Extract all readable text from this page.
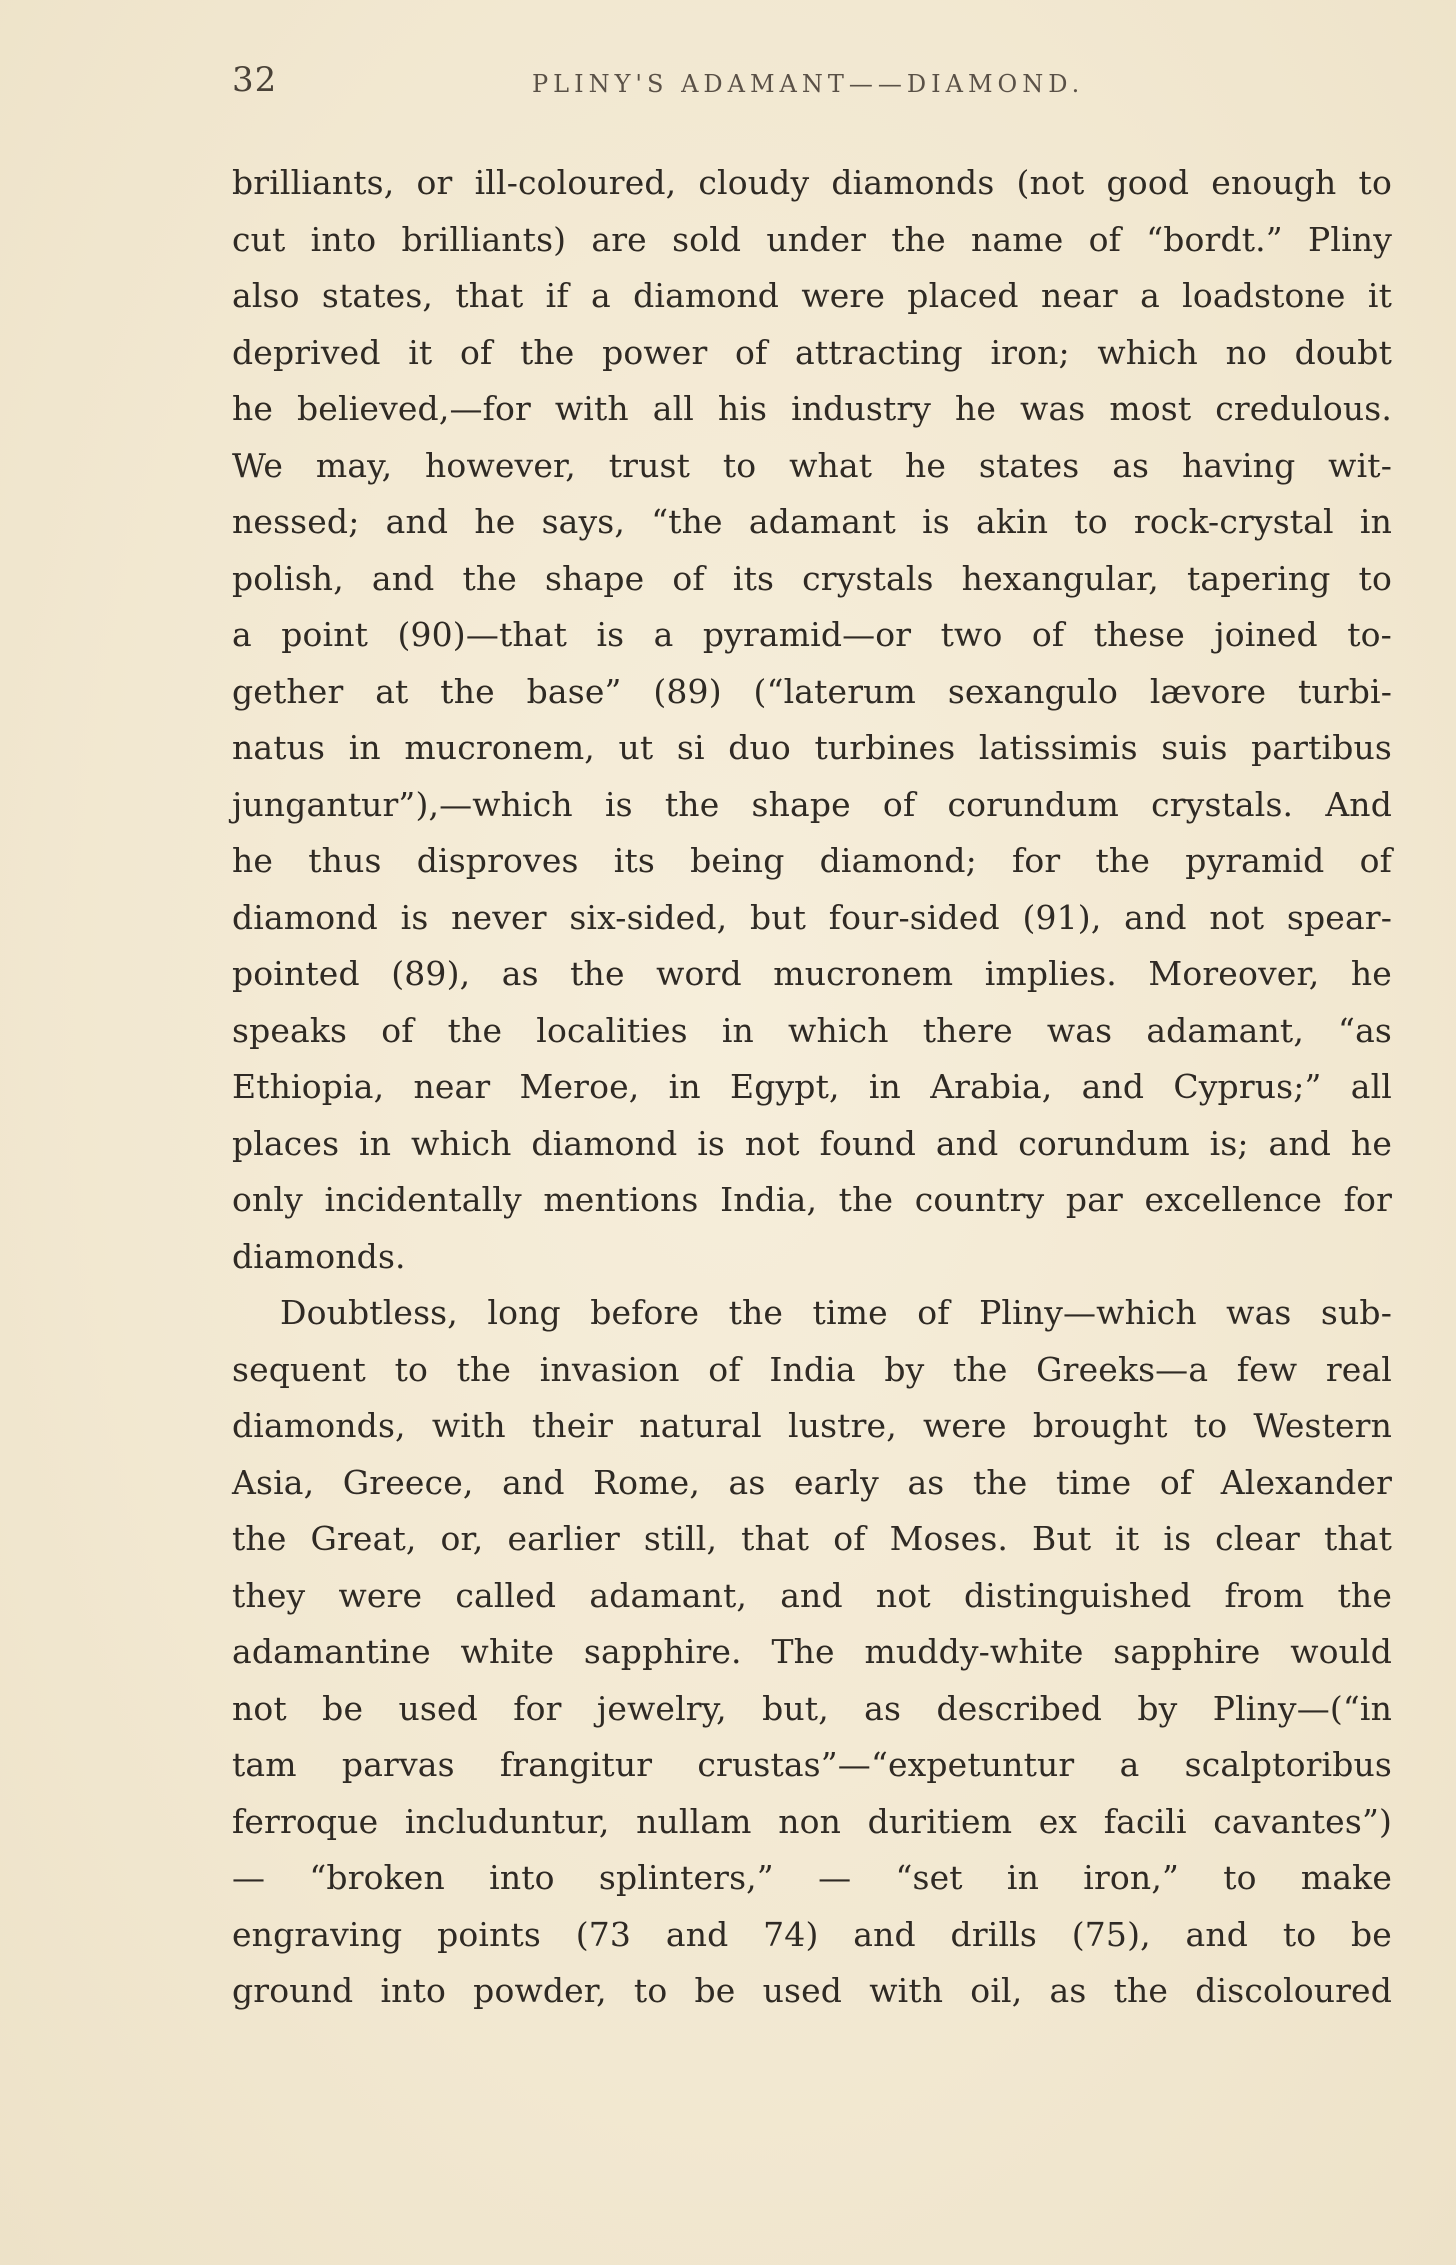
32	PLINY'S ADAMANT——DIAMOND.
brilliants, or ill-coloured, cloudy diamonds (not good enough to
cut into brilliants) are sold under the name of “bordt.” Pliny
also states, that if a diamond were placed near a loadstone it
deprived it of the power of attracting iron; which no doubt
he believed,—for with all his industry he was most credulous.
We may, however, trust to what he states as having wit-
nessed; and he says, “the adamant is akin to rock-crystal in
polish, and the shape of its crystals hexangular, tapering to
a point (90)—that is a pyramid—or two of these joined to-
gether at the base” (89) (“laterum sexangulo lævore turbi-
natus in mucronem, ut si duo turbines latissimis suis partibus
jungantur”),—which is the shape of corundum crystals. And
he thus disproves its being diamond; for the pyramid of
diamond is never six-sided, but four-sided (91), and not spear-
pointed (89), as the word mucronem implies. Moreover, he
speaks of the localities in which there was adamant, “as
Ethiopia, near Meroe, in Egypt, in Arabia, and Cyprus;” all
places in which diamond is not found and corundum is; and he
only incidentally mentions India, the country par excellence for
diamonds.
Doubtless, long before the time of Pliny—which was sub-
sequent to the invasion of India by the Greeks—a few real
diamonds, with their natural lustre, were brought to Western
Asia, Greece, and Rome, as early as the time of Alexander
the Great, or, earlier still, that of Moses. But it is clear that
they were called adamant, and not distinguished from the
adamantine white sapphire. The muddy-white sapphire would
not be used for jewelry, but, as described by Pliny—(“in
tam parvas frangitur crustas”—“expetuntur a scalptoribus
ferroque includuntur, nullam non duritiem ex facili cavantes”)
— “broken into splinters,” — “set in iron,” to make
engraving points (73 and 74) and drills (75), and to be
ground into powder, to be used with oil, as the discoloured
